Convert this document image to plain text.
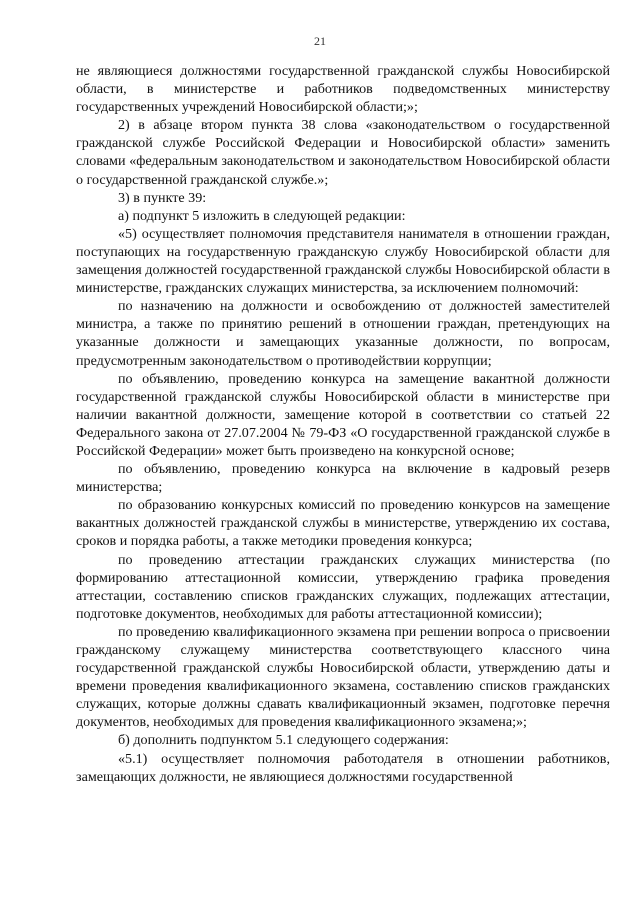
21

не являющиеся должностями государственной гражданской службы Новосибирской области, в министерстве и работников подведомственных министерству государственных учреждений Новосибирской области;»;

2) в абзаце втором пункта 38 слова «законодательством о государственной гражданской службе Российской Федерации и Новосибирской области» заменить словами «федеральным законодательством и законодательством Новосибирской области о государственной гражданской службе.»;

3) в пункте 39:

а) подпункт 5 изложить в следующей редакции:

«5) осуществляет полномочия представителя нанимателя в отношении граждан, поступающих на государственную гражданскую службу Новосибирской области для замещения должностей государственной гражданской службы Новосибирской области в министерстве, гражданских служащих министерства, за исключением полномочий:

по назначению на должности и освобождению от должностей заместителей министра, а также по принятию решений в отношении граждан, претендующих на указанные должности и замещающих указанные должности, по вопросам, предусмотренным законодательством о противодействии коррупции;

по объявлению, проведению конкурса на замещение вакантной должности государственной гражданской службы Новосибирской области в министерстве при наличии вакантной должности, замещение которой в соответствии со статьей 22 Федерального закона от 27.07.2004 № 79-ФЗ «О государственной гражданской службе в Российской Федерации» может быть произведено на конкурсной основе;

по объявлению, проведению конкурса на включение в кадровый резерв министерства;

по образованию конкурсных комиссий по проведению конкурсов на замещение вакантных должностей гражданской службы в министерстве, утверждению их состава, сроков и порядка работы, а также методики проведения конкурса;

по проведению аттестации гражданских служащих министерства (по формированию аттестационной комиссии, утверждению графика проведения аттестации, составлению списков гражданских служащих, подлежащих аттестации, подготовке документов, необходимых для работы аттестационной комиссии);

по проведению квалификационного экзамена при решении вопроса о присвоении гражданскому служащему министерства соответствующего классного чина государственной гражданской службы Новосибирской области, утверждению даты и времени проведения квалификационного экзамена, составлению списков гражданских служащих, которые должны сдавать квалификационный экзамен, подготовке перечня документов, необходимых для проведения квалификационного экзамена;»;

б) дополнить подпунктом 5.1 следующего содержания:

«5.1) осуществляет полномочия работодателя в отношении работников, замещающих должности, не являющиеся должностями государственной
